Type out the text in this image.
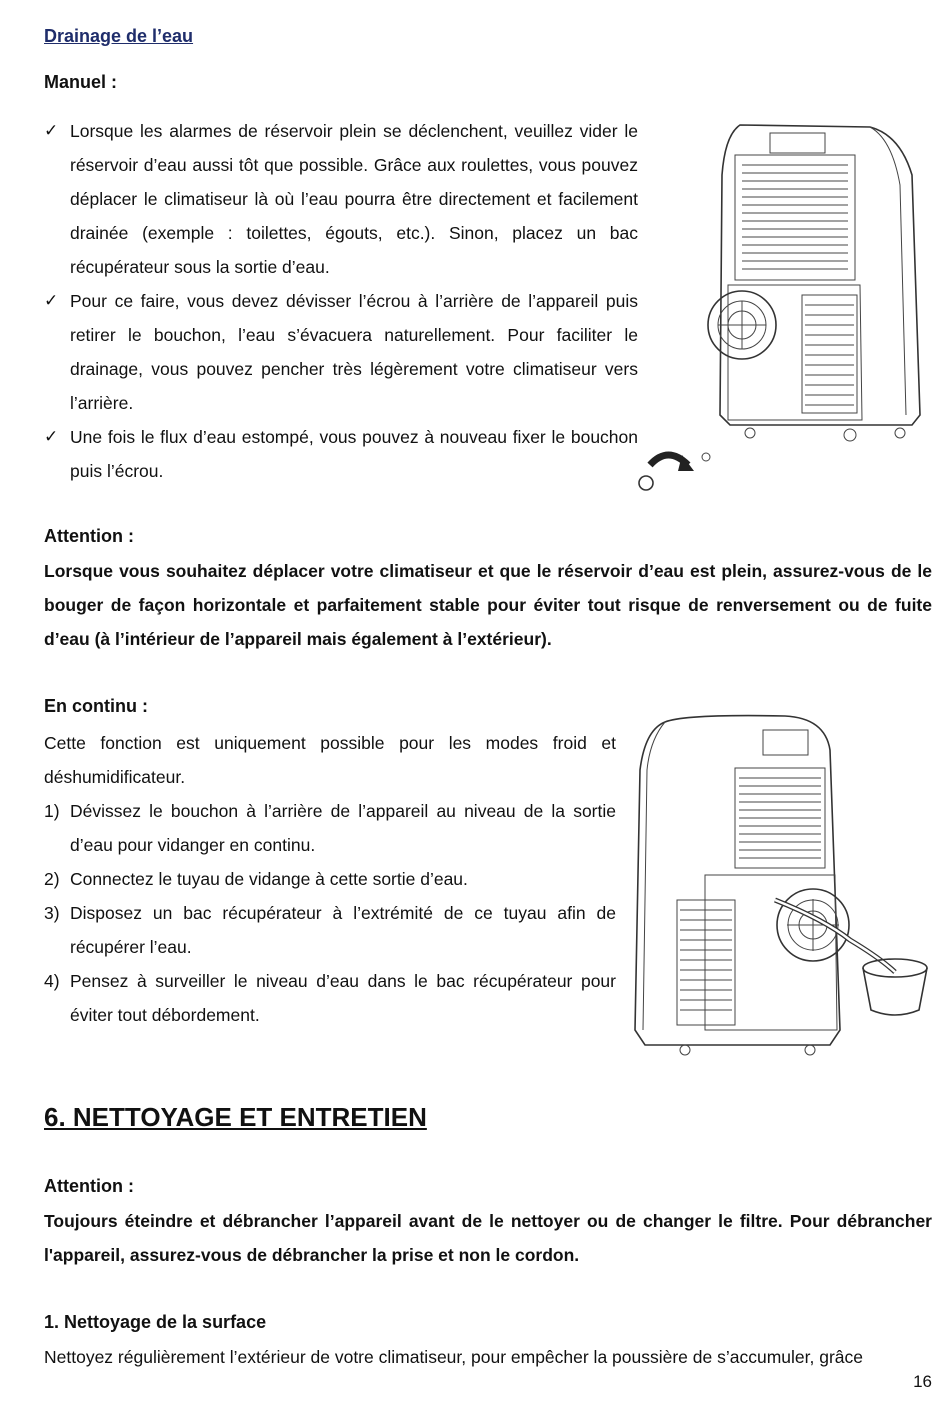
Drainage de l’eau
Manuel :
✓ Lorsque les alarmes de réservoir plein se déclenchent, veuillez vider le réservoir d’eau aussi tôt que possible. Grâce aux roulettes, vous pouvez déplacer le climatiseur là où l’eau pourra être directement et facilement drainée (exemple : toilettes, égouts, etc.). Sinon, placez un bac récupérateur sous la sortie d’eau.
✓ Pour ce faire, vous devez dévisser l’écrou à l’arrière de l’appareil puis retirer le bouchon, l’eau s’évacuera naturellement. Pour faciliter le drainage, vous pouvez pencher très légèrement votre climatiseur vers l’arrière.
✓ Une fois le flux d’eau estompé, vous pouvez à nouveau fixer le bouchon puis l’écrou.
Attention :
Lorsque vous souhaitez déplacer votre climatiseur et que le réservoir d’eau est plein, assurez-vous de le bouger de façon horizontale et parfaitement stable pour éviter tout risque de renversement ou de fuite d’eau (à l’intérieur de l’appareil mais également à l’extérieur).
En continu :
Cette fonction est uniquement possible pour les modes froid et déshumidificateur.
1) Dévissez le bouchon à l’arrière de l’appareil au niveau de la sortie d’eau pour vidanger en continu.
2) Connectez le tuyau de vidange à cette sortie d’eau.
3) Disposez un bac récupérateur à l’extrémité de ce tuyau afin de récupérer l’eau.
4) Pensez à surveiller le niveau d’eau dans le bac récupérateur pour éviter tout débordement.
6. NETTOYAGE ET ENTRETIEN
Attention :
Toujours éteindre et débrancher l’appareil avant de le nettoyer ou de changer le filtre. Pour débrancher l'appareil, assurez-vous de débrancher la prise et non le cordon.
1. Nettoyage de la surface
Nettoyez régulièrement l’extérieur de votre climatiseur, pour empêcher la poussière de s’accumuler, grâce
16
